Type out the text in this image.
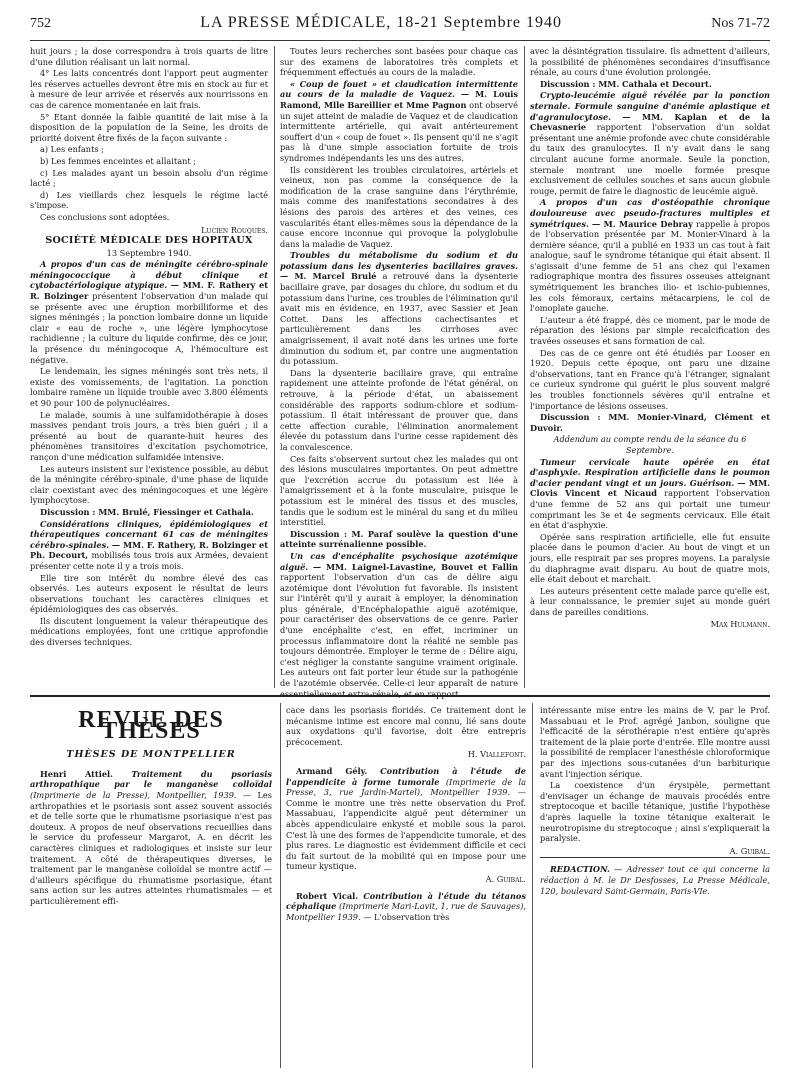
752	LA PRESSE MÉDICALE, 18-21 Septembre 1940	Nos 71-72

huit jours ; la dose correspondra à trois quarts de litre d'une dilution réalisant un lait normal.

4° Les laits concentrés dont l'apport peut augmenter les réserves actuelles devront être mis en stock au fur et à mesure de leur arrivée et réservés aux nourrissons en cas de carence momentanée en lait frais.

5° Etant donnée la faible quantité de lait mise à la disposition de la population de la Seine, les droits de priorité doivent être fixés de la façon suivante :

a) Les enfants ;

b) Les femmes enceintes et allaitant ;

c) Les malades ayant un besoin absolu d'un régime lacté ;

d) Les vieillards chez lesquels le régime lacté s'impose.

Ces conclusions sont adoptées.

Lucien Rouquès.

SOCIÉTÉ MÉDICALE DES HOPITAUX

13 Septembre 1940.

A propos d'un cas de méningite cérébro-spinale méningococcique à début clinique et cytobactériologique atypique. — MM. F. Rathery et R. Bolzinger présentent l'observation d'un malade qui se présente avec une éruption morbilliforme et des signes méningés ; la ponction lombaire donne un liquide clair « eau de roche », une légère lymphocytose rachidienne ; la culture du liquide confirme, dès ce jour, la présence du méningocoque A, l'hémoculture est négative.

Le lendemain, les signes méningés sont très nets, il existe des vomissements, de l'agitation. La ponction lombaire ramène un liquide trouble avec 3.800 éléments et 90 pour 100 de polynucléaires.

Le malade, soumis à une sulfamidothérapie à doses massives pendant trois jours, a très bien guéri ; il a présenté au bout de quarante-huit heures des phénomènes transitoires d'excitation psychomotrice, rançon d'une médication sulfamidée intensive.

Les auteurs insistent sur l'existence possible, au début de la méningite cérébro-spinale, d'une phase de liquide clair coexistant avec des méningocoques et une légère lymphocytose.

Discussion : MM. Brulé, Fiessinger et Cathala.

Considérations cliniques, épidémiologiques et thérapeutiques concernant 61 cas de méningites cérébro-spinales. — MM. F. Rathery, R. Bolzinger et Ph. Decourt, mobilisés tous trois aux Armées, devaient présenter cette note il y a trois mois.

Elle tire son intérêt du nombre élevé des cas observés. Les auteurs exposent le résultat de leurs observations touchant les caractères cliniques et épidémiologiques des cas observés.

Ils discutent longuement la valeur thérapeutique des médications employées, font une critique approfondie des diverses techniques.

Toutes leurs recherches sont basées pour chaque cas sur des examens de laboratoires très complets et fréquemment effectués au cours de la maladie.

« Coup de fouet » et claudication intermittente au cours de la maladie de Vaquez. — M. Louis Ramond, Mlle Bareillier et Mme Pagnon ont observé un sujet atteint de maladie de Vaquez et de claudication intermittente artérielle, qui avait antérieurement souffert d'un « coup de fouet ». Ils pensent qu'il ne s'agit pas là d'une simple association fortuite de trois syndromes indépendants les uns des autres.

Ils considèrent les troubles circulatoires, artériels et veineux, non pas comme la conséquence de la modification de la crase sanguine dans l'érythrémie, mais comme des manifestations secondaires à des lésions des parois des artères et des veines, ces vascularités étant elles-mêmes sous la dépendance de la cause encore inconnue qui provoque la polyglobulie dans la maladie de Vaquez.

Troubles du métabolisme du sodium et du potassium dans les dysenteries bacillaires graves. — M. Marcel Brulé a retrouvé dans la dysenterie bacillaire grave, par dosages du chlore, du sodium et du potassium dans l'urine, ces troubles de l'élimination qu'il avait mis en évidence, en 1937, avec Sassier et Jean Cottet. Dans les affections cachectisantes et particulièrement dans les cirrhoses avec amaigrissement, il avait noté dans les urines une forte diminution du sodium et, par contre une augmentation du potassium.

Dans la dysenterie bacillaire grave, qui entraîne rapidement une atteinte profonde de l'état général, on retrouve, à la période d'état, un abaissement considérable des rapports sodium-chlore et sodium-potassium. Il était intéressant de prouver que, dans cette affection curable, l'élimination anormalement élevée du potassium dans l'urine cesse rapidement dès la convalescence.

Ces faits s'observent surtout chez les malades qui ont des lésions musculaires importantes. On peut admettre que l'excrétion accrue du potassium est liée à l'amaigrissement et à la fonte musculaire, puisque le potassium est le minéral des tissus et des muscles, tandis que le sodium est le minéral du sang et du milieu interstitiel.

Discussion : M. Paraf soulève la question d'une atteinte surrénalienne possible.

Un cas d'encéphalite psychosique azotémique aiguë. — MM. Laignel-Lavastine, Bouvet et Fallin rapportent l'observation d'un cas de délire aigu azotémique dont l'évolution fut favorable. Ils insistent sur l'intérêt qu'il y aurait à employer, la dénomination plus générale, d'Encéphalopathie aiguë azotémique, pour caractériser des observations de ce genre. Parler d'une encéphalite c'est, en effet, incriminer un processus inflammatoire dont la réalité ne semble pas toujours démontrée. Employer le terme de : Délire aigu, c'est négliger la constante sanguine vraiment originale. Les auteurs ont fait porter leur étude sur la pathogénie de l'azotémie observée. Celle-ci leur apparaît de nature essentiellement extra-rénale, et en rapport

avec la désintégration tissulaire. Ils admettent d'ailleurs, la possibilité de phénomènes secondaires d'insuffisance rénale, au cours d'une évolution prolongée.

Discussion : MM. Cathala et Decourt.

Crypto-leucémie aiguë révélée par la ponction sternale. Formule sanguine d'anémie aplastique et d'agranulocytose. — MM. Kaplan et de la Chevasnerie rapportent l'observation d'un soldat présentant une anémie profonde avec chute considérable du taux des granulocytes. Il n'y avait dans le sang circulant aucune forme anormale. Seule la ponction, sternale montrant une moelle formée presque exclusivement de cellules souches et sans aucun globule rouge, permit de faire le diagnostic de leucémie aiguë.

A propos d'un cas d'ostéopathie chronique douloureuse avec pseudo-fractures multiples et symétriques. — M. Maurice Debray rappelle à propos de l'observation présentée par M. Monier-Vinard à la dernière séance, qu'il a publié en 1933 un cas tout à fait analogue, sauf le syndrome tétanique qui était absent. Il s'agissait d'une femme de 51 ans chez qui l'examen radiographique montra des fissures osseuses atteignant symétriquement les branches ilio- et ischio-pubiennes, les cols fémoraux, certains métacarpiens, le col de l'omoplate gauche.

L'auteur a été frappé, dès ce moment, par le mode de réparation des lésions par simple recalcification des travées osseuses et sans formation de cal.

Des cas de ce genre ont été étudiés par Looser en 1920. Depuis cette époque, ont paru une dizaine d'observations, tant en France qu'à l'étranger, signalant ce curieux syndrome qui guérit le plus souvent malgré les troubles fonctionnels sévères qu'il entraîne et l'importance de lésions osseuses.

Discussion : MM. Monier-Vinard, Clément et Duvoir.

Addendum au compte rendu de la séance du 6 Septembre.

Tumeur cervicale haute opérée en état d'asphyxie. Respiration artificielle dans le poumon d'acier pendant vingt et un jours. Guérison. — MM. Clovis Vincent et Nicaud rapportent l'observation d'une femme de 52 ans qui portait une tumeur comprimant les 3e et 4e segments cervicaux. Elle était en état d'asphyxie.

Opérée sans respiration artificielle, elle fut ensuite placée dans le poumon d'acier. Au bout de vingt et un jours, elle respirait par ses propres moyens. La paralysie du diaphragme avait disparu. Au bout de quatre mois, elle était debout et marchait.

Les auteurs présentent cette malade parce qu'elle est, à leur connaissance, le premier sujet au monde guéri dans de pareilles conditions.

Max Hulmann.

REVUE DES THÈSES
THÈSES DE MONTPELLIER

Henri Attiel. Traitement du psoriasis arthropathique par le manganèse colloïdal (Imprimerie de la Presse), Montpellier, 1939. — Les arthropathies et le psoriasis sont assez souvent associés et de telle sorte que le rhumatisme psoriasique n'est pas douteux. A propos de neuf observations recueillies dans le service du professeur Margarot, A. en décrit les caractères cliniques et radiologiques et insiste sur leur traitement. A côté de thérapeutiques diverses, le traitement par le manganèse colloïdal se montre actif — d'ailleurs spécifique du rhumatisme psoriasique, étant sans action sur les autres atteintes rhumatismales — et particulièrement effi-

cace dans les psoriasis floridés. Ce traitement dont le mécanisme intime est encore mal connu, lié sans doute aux oxydations qu'il favorise, doit être entrepris précocement.

H. Viallefont.

Armand Gély. Contribution à l'étude de l'appendicite à forme tumorale (Imprimerie de la Presse, 3, rue Jardin-Martel), Montpellier 1939. — Comme le montre une très nette observation du Prof. Massabuau, l'appendicite aiguë peut déterminer un abcès appendiculaire enkysté et mobile sous la paroi. C'est là une des formes de l'appendicite tumorale, et des plus rares. Le diagnostic est évidemment difficile et ceci du fait surtout de la mobilité qui en impose pour une tumeur kystique.

A. Guibal.

Robert Vical. Contribution à l'étude du tétanos céphalique (Imprimerie Mari-Lavit, 1, rue de Sauvages), Montpellier 1939. — L'observation très

intéressante mise entre les mains de V. par le Prof. Massabuau et le Prof. agrégé Janbon, souligne que l'efficacité de la sérothérapie n'est entière qu'après traitement de la plaie porte d'entrée. Elle montre aussi la possibilité de remplacer l'anesthésie chloroformique par des injections sous-cutanées d'un barbiturique avant l'injection sérique.

La coexistence d'un érysipèle, permettant d'envisager un échange de mauvais procédés entre streptocoque et bacille tétanique, justifie l'hypothèse d'après laquelle la toxine tétanique exalterait le neurotropisme du streptocoque ; ainsi s'expliquerait la paralysie.

A. Guibal.

REDACTION. — Adresser tout ce qui concerne la rédaction à M. le Dr Desfosses, La Presse Médicale, 120, boulevard Saint-Germain, Paris-VIe.
